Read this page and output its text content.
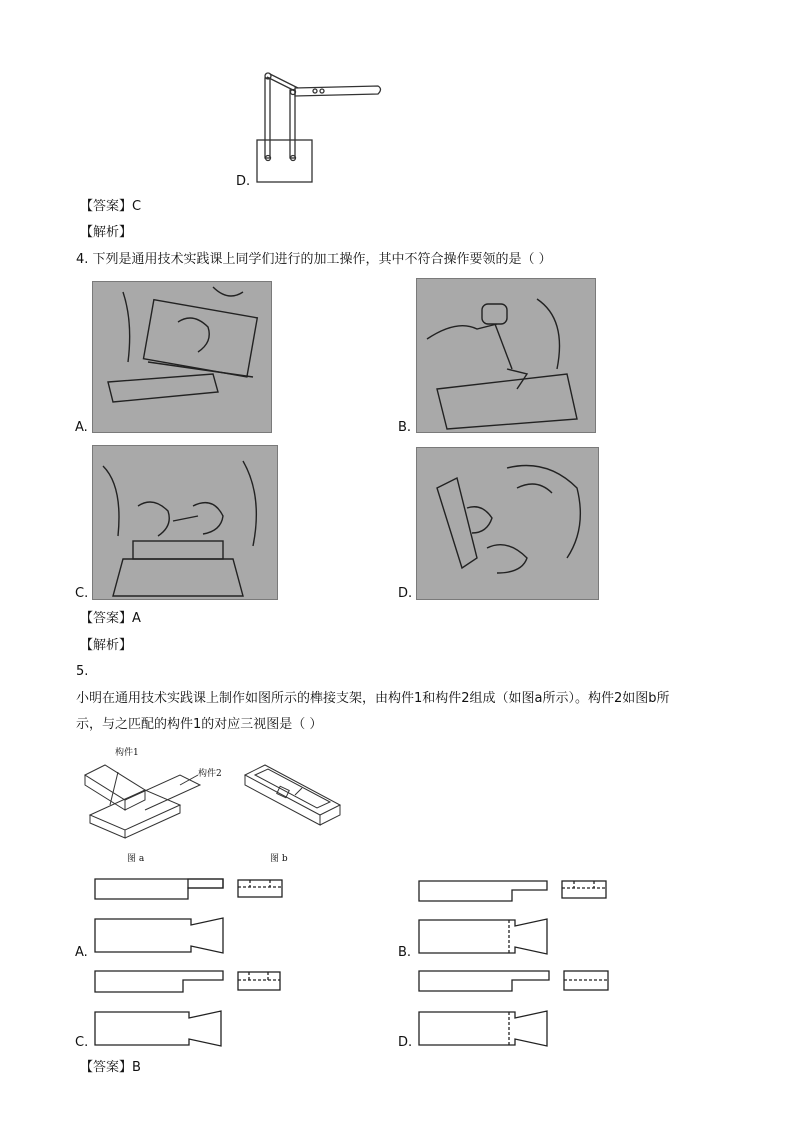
D.
【答案】C
【解析】
4. 下列是通用技术实践课上同学们进行的加工操作，其中不符合操作要领的是（ ）
A.	B.
C.	D.
【答案】A
【解析】
5.
小明在通用技术实践课上制作如图所示的榫接支架，由构件1和构件2组成（如图a所示）。构件2如图b所
示，与之匹配的构件1的对应三视图是（ ）
构件1
构件2
图 a	图 b
A.	B.
C.	D.
【答案】B
